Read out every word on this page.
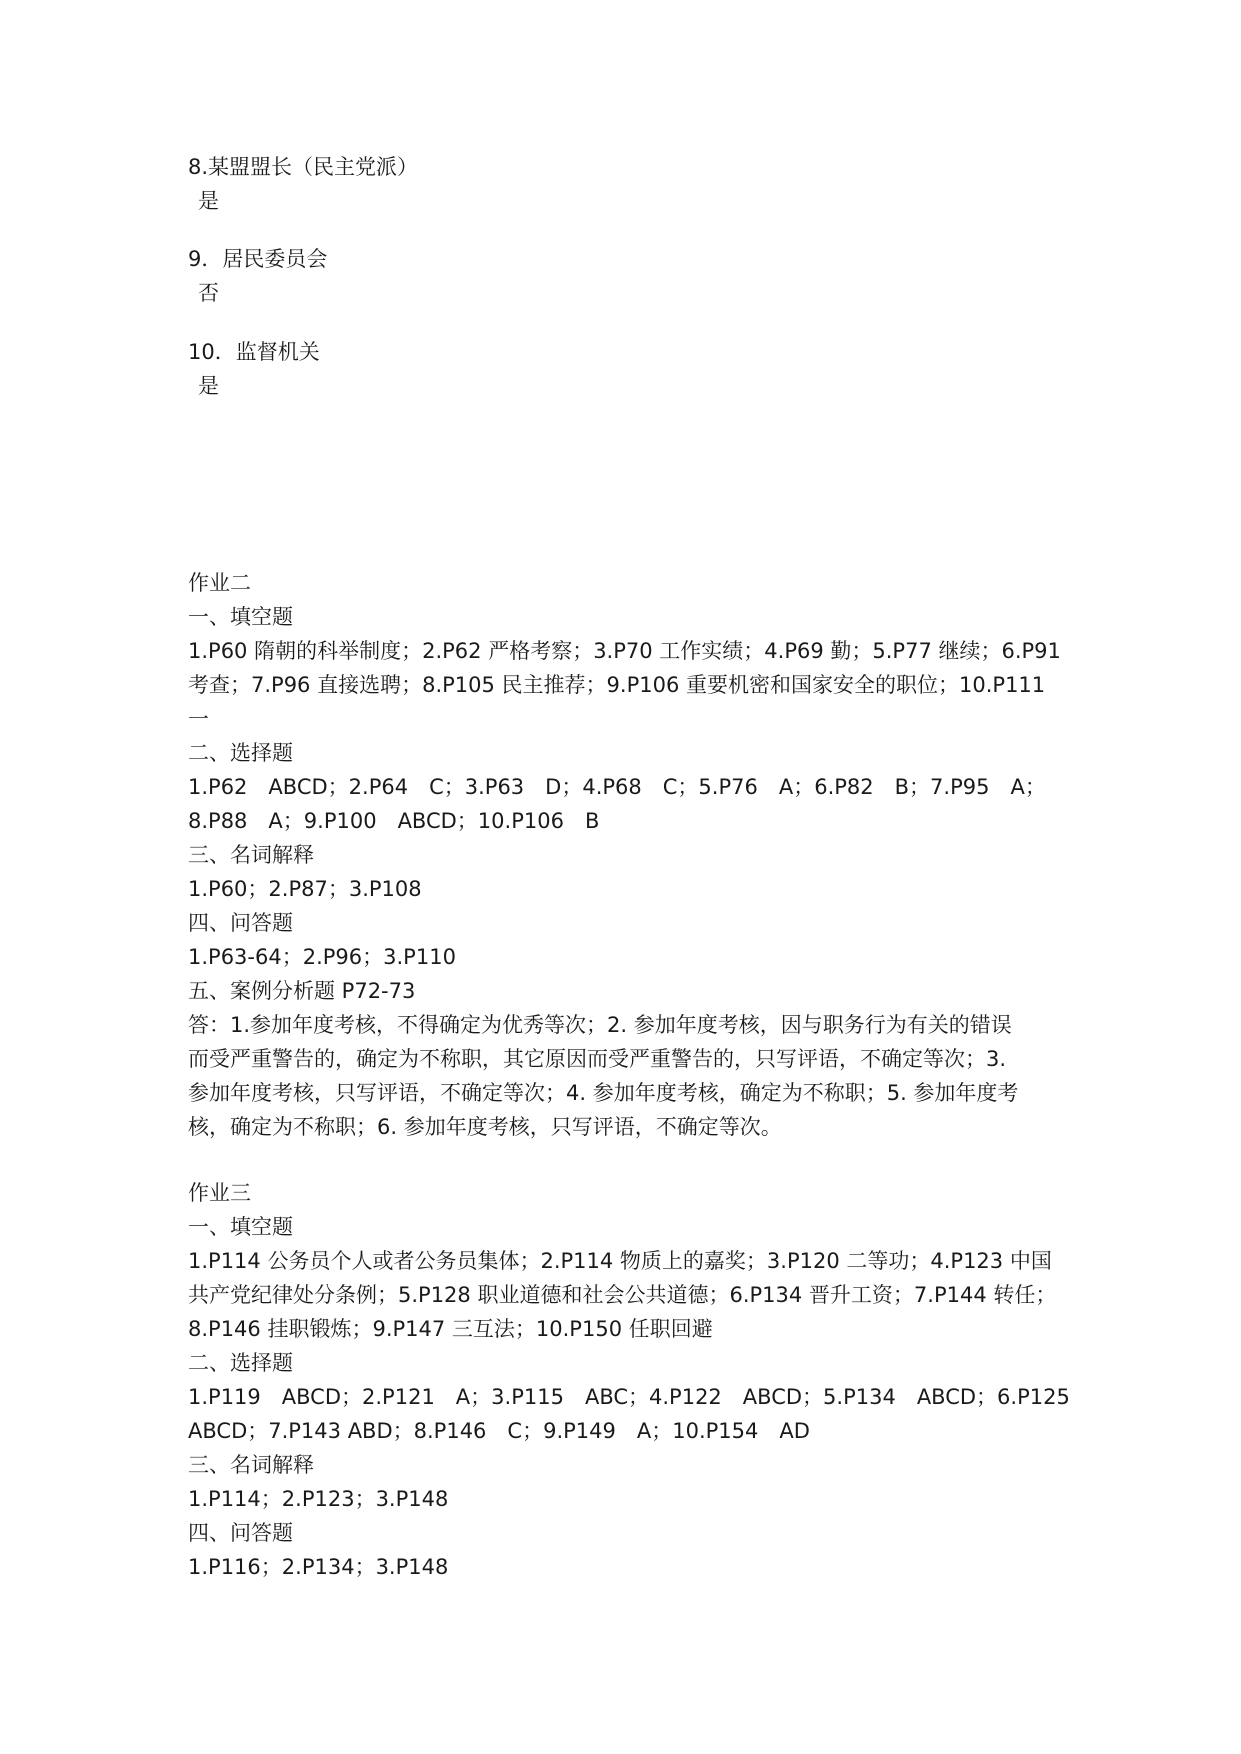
8.某盟盟长（民主党派）
是
9．居民委员会
否
10．监督机关
是
作业二
一、填空题
1.P60 隋朝的科举制度；2.P62 严格考察；3.P70 工作实绩；4.P69 勤；5.P77 继续；6.P91
考查；7.P96 直接选聘；8.P105 民主推荐；9.P106 重要机密和国家安全的职位；10.P111
一
二、选择题
1.P62　ABCD；2.P64　C；3.P63　D；4.P68　C；5.P76　A；6.P82　B；7.P95　A；
8.P88　A；9.P100　ABCD；10.P106　B
三、名词解释
1.P60；2.P87；3.P108
四、问答题
1.P63-64；2.P96；3.P110
五、案例分析题 P72-73
答：1.参加年度考核，不得确定为优秀等次；2. 参加年度考核，因与职务行为有关的错误
而受严重警告的，确定为不称职，其它原因而受严重警告的，只写评语，不确定等次；3.
参加年度考核，只写评语，不确定等次；4. 参加年度考核，确定为不称职；5. 参加年度考
核，确定为不称职；6. 参加年度考核，只写评语，不确定等次。
作业三
一、填空题
1.P114 公务员个人或者公务员集体；2.P114 物质上的嘉奖；3.P120 二等功；4.P123 中国
共产党纪律处分条例；5.P128 职业道德和社会公共道德；6.P134 晋升工资；7.P144 转任；
8.P146 挂职锻炼；9.P147 三互法；10.P150 任职回避
二、选择题
1.P119　ABCD；2.P121　A；3.P115　ABC；4.P122　ABCD；5.P134　ABCD；6.P125
ABCD；7.P143 ABD；8.P146　C；9.P149　A；10.P154　AD
三、名词解释
1.P114；2.P123；3.P148
四、问答题
1.P116；2.P134；3.P148
